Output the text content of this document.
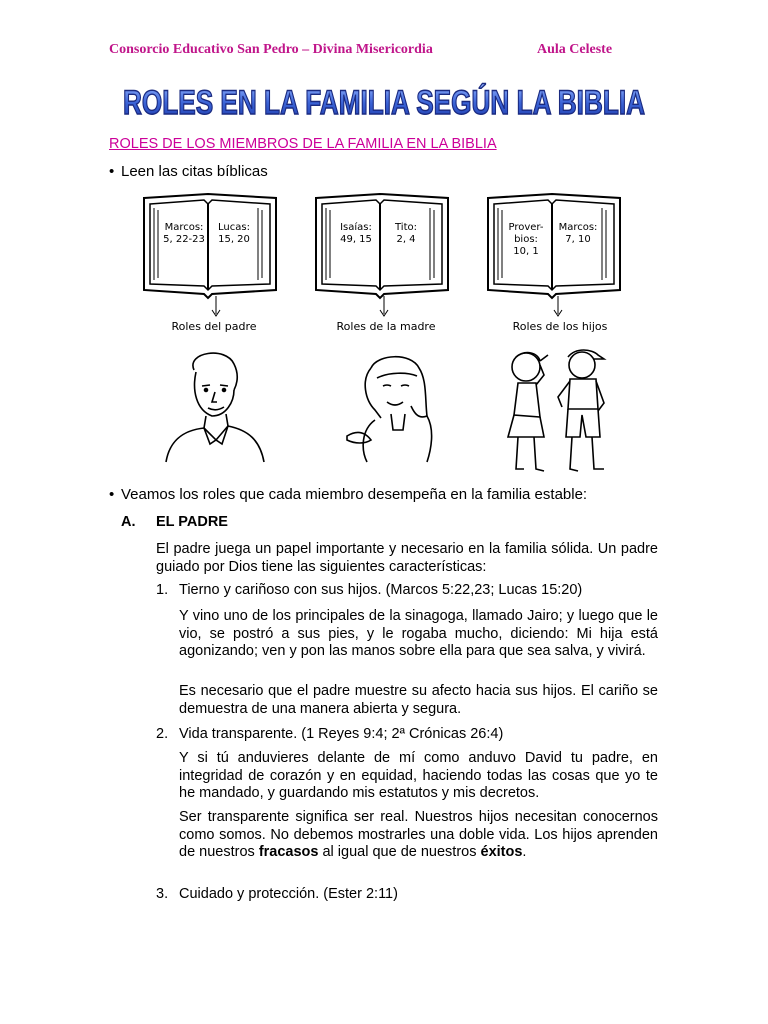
Consorcio Educativo San Pedro – Divina Misericordia	Aula Celeste
ROLES EN LA FAMILIA SEGÚN LA BIBLIA
ROLES DE LOS MIEMBROS DE LA FAMILIA EN LA BIBLIA
• Leen las citas bíblicas
Marcos: 5, 22-23
Lucas: 15, 20
Roles del padre
Isaías: 49, 15
Tito: 2, 4
Roles de la madre
Prover-bios: 10, 1
Marcos: 7, 10
Roles de los hijos
• Veamos los roles que cada miembro desempeña en la familia estable:
A. EL PADRE
El padre juega un papel importante y necesario en la familia sólida. Un padre guiado por Dios tiene las siguientes características:
1. Tierno y cariñoso con sus hijos. (Marcos 5:22,23; Lucas 15:20)
Y vino uno de los principales de la sinagoga, llamado Jairo; y luego que le vio, se postró a sus pies, y le rogaba mucho, diciendo: Mi hija está agonizando; ven y pon las manos sobre ella para que sea salva, y vivirá.
Es necesario que el padre muestre su afecto hacia sus hijos. El cariño se demuestra de una manera abierta y segura.
2. Vida transparente. (1 Reyes 9:4; 2ª Crónicas 26:4)
Y si tú anduvieres delante de mí como anduvo David tu padre, en integridad de corazón y en equidad, haciendo todas las cosas que yo te he mandado, y guardando mis estatutos y mis decretos.
Ser transparente significa ser real. Nuestros hijos necesitan conocernos como somos. No debemos mostrarles una doble vida. Los hijos aprenden de nuestros fracasos al igual que de nuestros éxitos.
3. Cuidado y protección. (Ester 2:11)
